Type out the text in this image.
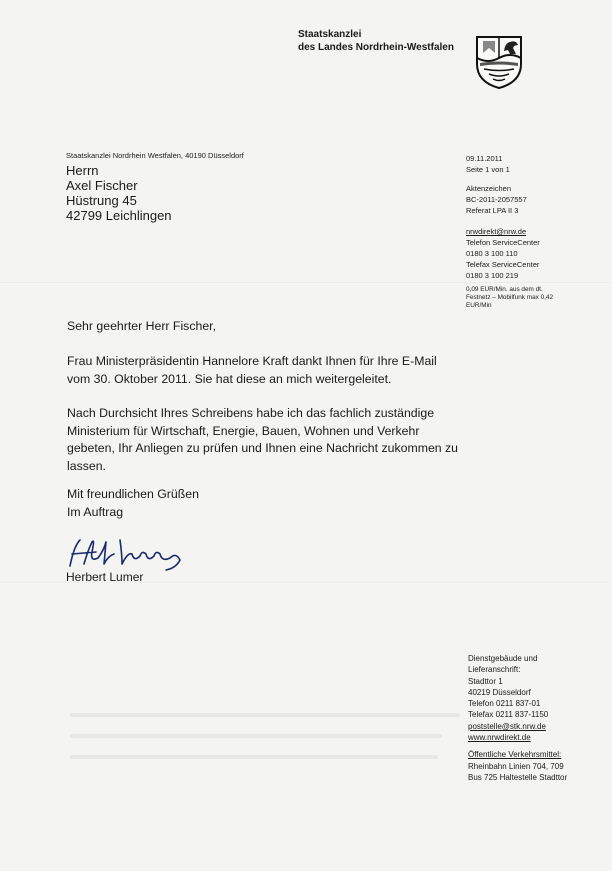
Staatskanzlei
des Landes Nordrhein-Westfalen
Staatskanzlei Nordrhein Westfalen, 40190 Düsseldorf
Herrn
Axel Fischer
Hüstrung 45
42799 Leichlingen
09.11.2011
Seite 1 von 1
Aktenzeichen
BC-2011-2057557
Referat LPA II 3
nrwdirekt@nrw.de
Telefon ServiceCenter
0180 3 100 110
Telefax ServiceCenter
0180 3 100 219
0,09 EUR/Min. aus dem dt.
Festnetz – Mobilfunk max 0,42
EUR/Min
Sehr geehrter Herr Fischer,
Frau Ministerpräsidentin Hannelore Kraft dankt Ihnen für Ihre E-Mail
vom 30. Oktober 2011. Sie hat diese an mich weitergeleitet.
Nach Durchsicht Ihres Schreibens habe ich das fachlich zuständige
Ministerium für Wirtschaft, Energie, Bauen, Wohnen und Verkehr
gebeten, Ihr Anliegen zu prüfen und Ihnen eine Nachricht zukommen zu
lassen.
Mit freundlichen Grüßen
Im Auftrag
Herbert Lumer
Dienstgebäude und
Lieferanschrift:
Stadttor 1
40219 Düsseldorf
Telefon 0211 837-01
Telefax 0211 837-1150
poststelle@stk.nrw.de
www.nrwdirekt.de
Öffentliche Verkehrsmittel:
Rheinbahn Linien 704, 709
Bus 725 Haltestelle Stadttor
